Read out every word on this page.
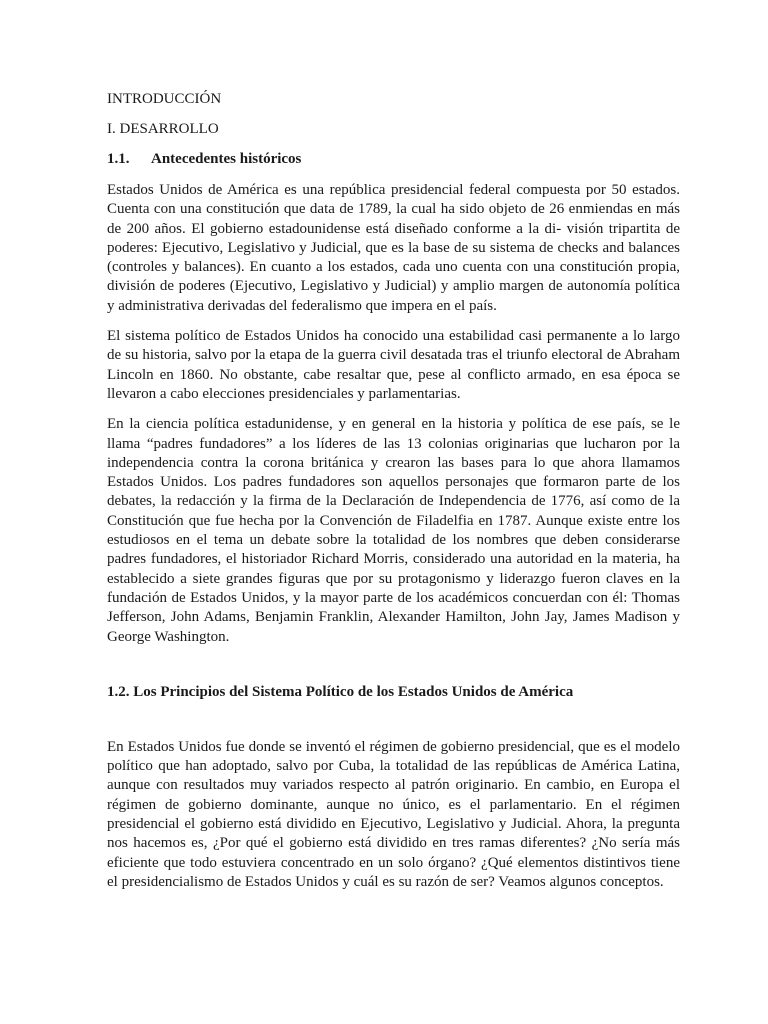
INTRODUCCIÓN
I. DESARROLLO
1.1. Antecedentes históricos

Estados Unidos de América es una república presidencial federal compuesta por 50 estados. Cuenta con una constitución que data de 1789, la cual ha sido objeto de 26 enmiendas en más de 200 años. El gobierno estadounidense está diseñado conforme a la di- visión tripartita de poderes: Ejecutivo, Legislativo y Judicial, que es la base de su sistema de checks and balances (controles y balances). En cuanto a los estados, cada uno cuenta con una constitución propia, división de poderes (Ejecutivo, Legislativo y Judicial) y amplio margen de autonomía política y administrativa derivadas del federalismo que impera en el país.

El sistema político de Estados Unidos ha conocido una estabilidad casi permanente a lo largo de su historia, salvo por la etapa de la guerra civil desatada tras el triunfo electoral de Abraham Lincoln en 1860. No obstante, cabe resaltar que, pese al conflicto armado, en esa época se llevaron a cabo elecciones presidenciales y parlamentarias.

En la ciencia política estadunidense, y en general en la historia y política de ese país, se le llama “padres fundadores” a los líderes de las 13 colonias originarias que lucharon por la independencia contra la corona británica y crearon las bases para lo que ahora llamamos Estados Unidos. Los padres fundadores son aquellos personajes que formaron parte de los debates, la redacción y la firma de la Declaración de Independencia de 1776, así como de la Constitución que fue hecha por la Convención de Filadelfia en 1787. Aunque existe entre los estudiosos en el tema un debate sobre la totalidad de los nombres que deben considerarse padres fundadores, el historiador Richard Morris, considerado una autoridad en la materia, ha establecido a siete grandes figuras que por su protagonismo y liderazgo fueron claves en la fundación de Estados Unidos, y la mayor parte de los académicos concuerdan con él: Thomas Jefferson, John Adams, Benjamin Franklin, Alexander Hamilton, John Jay, James Madison y George Washington.

1.2. Los Principios del Sistema Político de los Estados Unidos de América

En Estados Unidos fue donde se inventó el régimen de gobierno presidencial, que es el modelo político que han adoptado, salvo por Cuba, la totalidad de las repúblicas de América Latina, aunque con resultados muy variados respecto al patrón originario. En cambio, en Europa el régimen de gobierno dominante, aunque no único, es el parlamentario. En el régimen presidencial el gobierno está dividido en Ejecutivo, Legislativo y Judicial. Ahora, la pregunta nos hacemos es, ¿Por qué el gobierno está dividido en tres ramas diferentes? ¿No sería más eficiente que todo estuviera concentrado en un solo órgano? ¿Qué elementos distintivos tiene el presidencialismo de Estados Unidos y cuál es su razón de ser? Veamos algunos conceptos.
